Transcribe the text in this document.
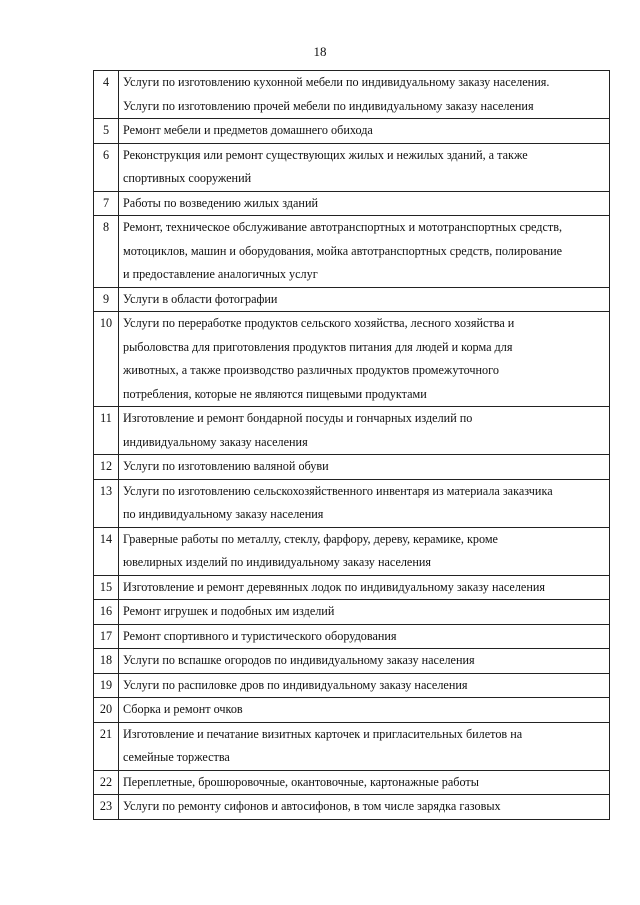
18
4	Услуги по изготовлению кухонной мебели по индивидуальному заказу населения.
Услуги по изготовлению прочей мебели по индивидуальному заказу населения

5	Ремонт мебели и предметов домашнего обихода

6	Реконструкция или ремонт существующих жилых и нежилых зданий, а также
спортивных сооружений

7	Работы по возведению жилых зданий

8	Ремонт, техническое обслуживание автотранспортных и мототранспортных средств,
мотоциклов, машин и оборудования, мойка автотранспортных средств, полирование
и предоставление аналогичных услуг

9	Услуги в области фотографии

10	Услуги по переработке продуктов сельского хозяйства, лесного хозяйства и
рыболовства для приготовления продуктов питания для людей и корма для
животных, а также производство различных продуктов промежуточного
потребления, которые не являются пищевыми продуктами

11	Изготовление и ремонт бондарной посуды и гончарных изделий по
индивидуальному заказу населения

12	Услуги по изготовлению валяной обуви

13	Услуги по изготовлению сельскохозяйственного инвентаря из материала заказчика
по индивидуальному заказу населения

14	Граверные работы по металлу, стеклу, фарфору, дереву, керамике, кроме
ювелирных изделий по индивидуальному заказу населения

15	Изготовление и ремонт деревянных лодок по индивидуальному заказу населения

16	Ремонт игрушек и подобных им изделий

17	Ремонт спортивного и туристического оборудования

18	Услуги по вспашке огородов по индивидуальному заказу населения

19	Услуги по распиловке дров по индивидуальному заказу населения

20	Сборка и ремонт очков

21	Изготовление и печатание визитных карточек и пригласительных билетов на
семейные торжества

22	Переплетные, брошюровочные, окантовочные, картонажные работы

23	Услуги по ремонту сифонов и автосифонов, в том числе зарядка газовых
